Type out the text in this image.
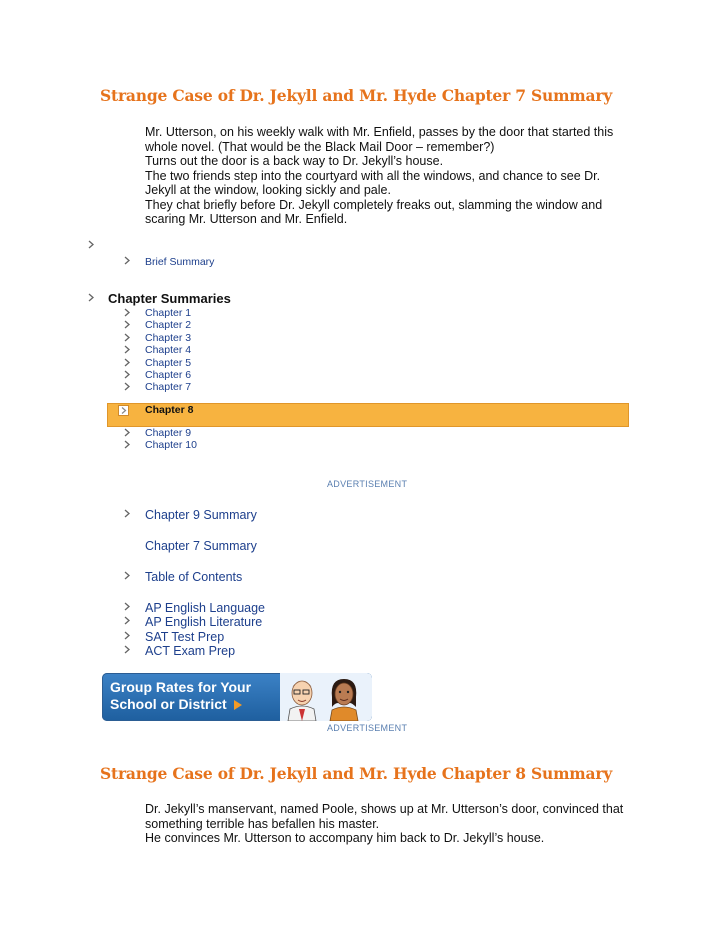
Strange Case of Dr. Jekyll and Mr. Hyde Chapter 7 Summary
Mr. Utterson, on his weekly walk with Mr. Enfield, passes by the door that started this
whole novel. (That would be the Black Mail Door – remember?)
Turns out the door is a back way to Dr. Jekyll’s house.
The two friends step into the courtyard with all the windows, and chance to see Dr.
Jekyll at the window, looking sickly and pale.
They chat briefly before Dr. Jekyll completely freaks out, slamming the window and
scaring Mr. Utterson and Mr. Enfield.
Brief Summary
Chapter Summaries
Chapter 1
Chapter 2
Chapter 3
Chapter 4
Chapter 5
Chapter 6
Chapter 7
Chapter 8
Chapter 9
Chapter 10
ADVERTISEMENT
Chapter 9 Summary
Chapter 7 Summary
Table of Contents
AP English Language
AP English Literature
SAT Test Prep
ACT Exam Prep
Group Rates for Your
School or District
ADVERTISEMENT
Strange Case of Dr. Jekyll and Mr. Hyde Chapter 8 Summary
Dr. Jekyll’s manservant, named Poole, shows up at Mr. Utterson’s door, convinced that
something terrible has befallen his master.
He convinces Mr. Utterson to accompany him back to Dr. Jekyll’s house.
